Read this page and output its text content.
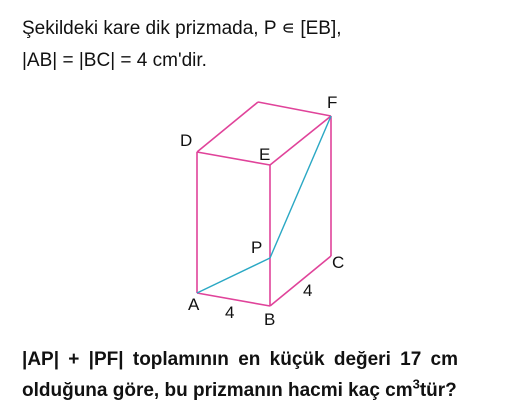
Şekildeki kare dik prizmada, P ∊ [EB],
|AB| = |BC| = 4 cm'dir.
D
E
F
P
C
A
B
4
4
|AP| + |PF| toplamının en küçük değeri 17 cm
olduğuna göre, bu prizmanın hacmi kaç $cm^3tür$?
